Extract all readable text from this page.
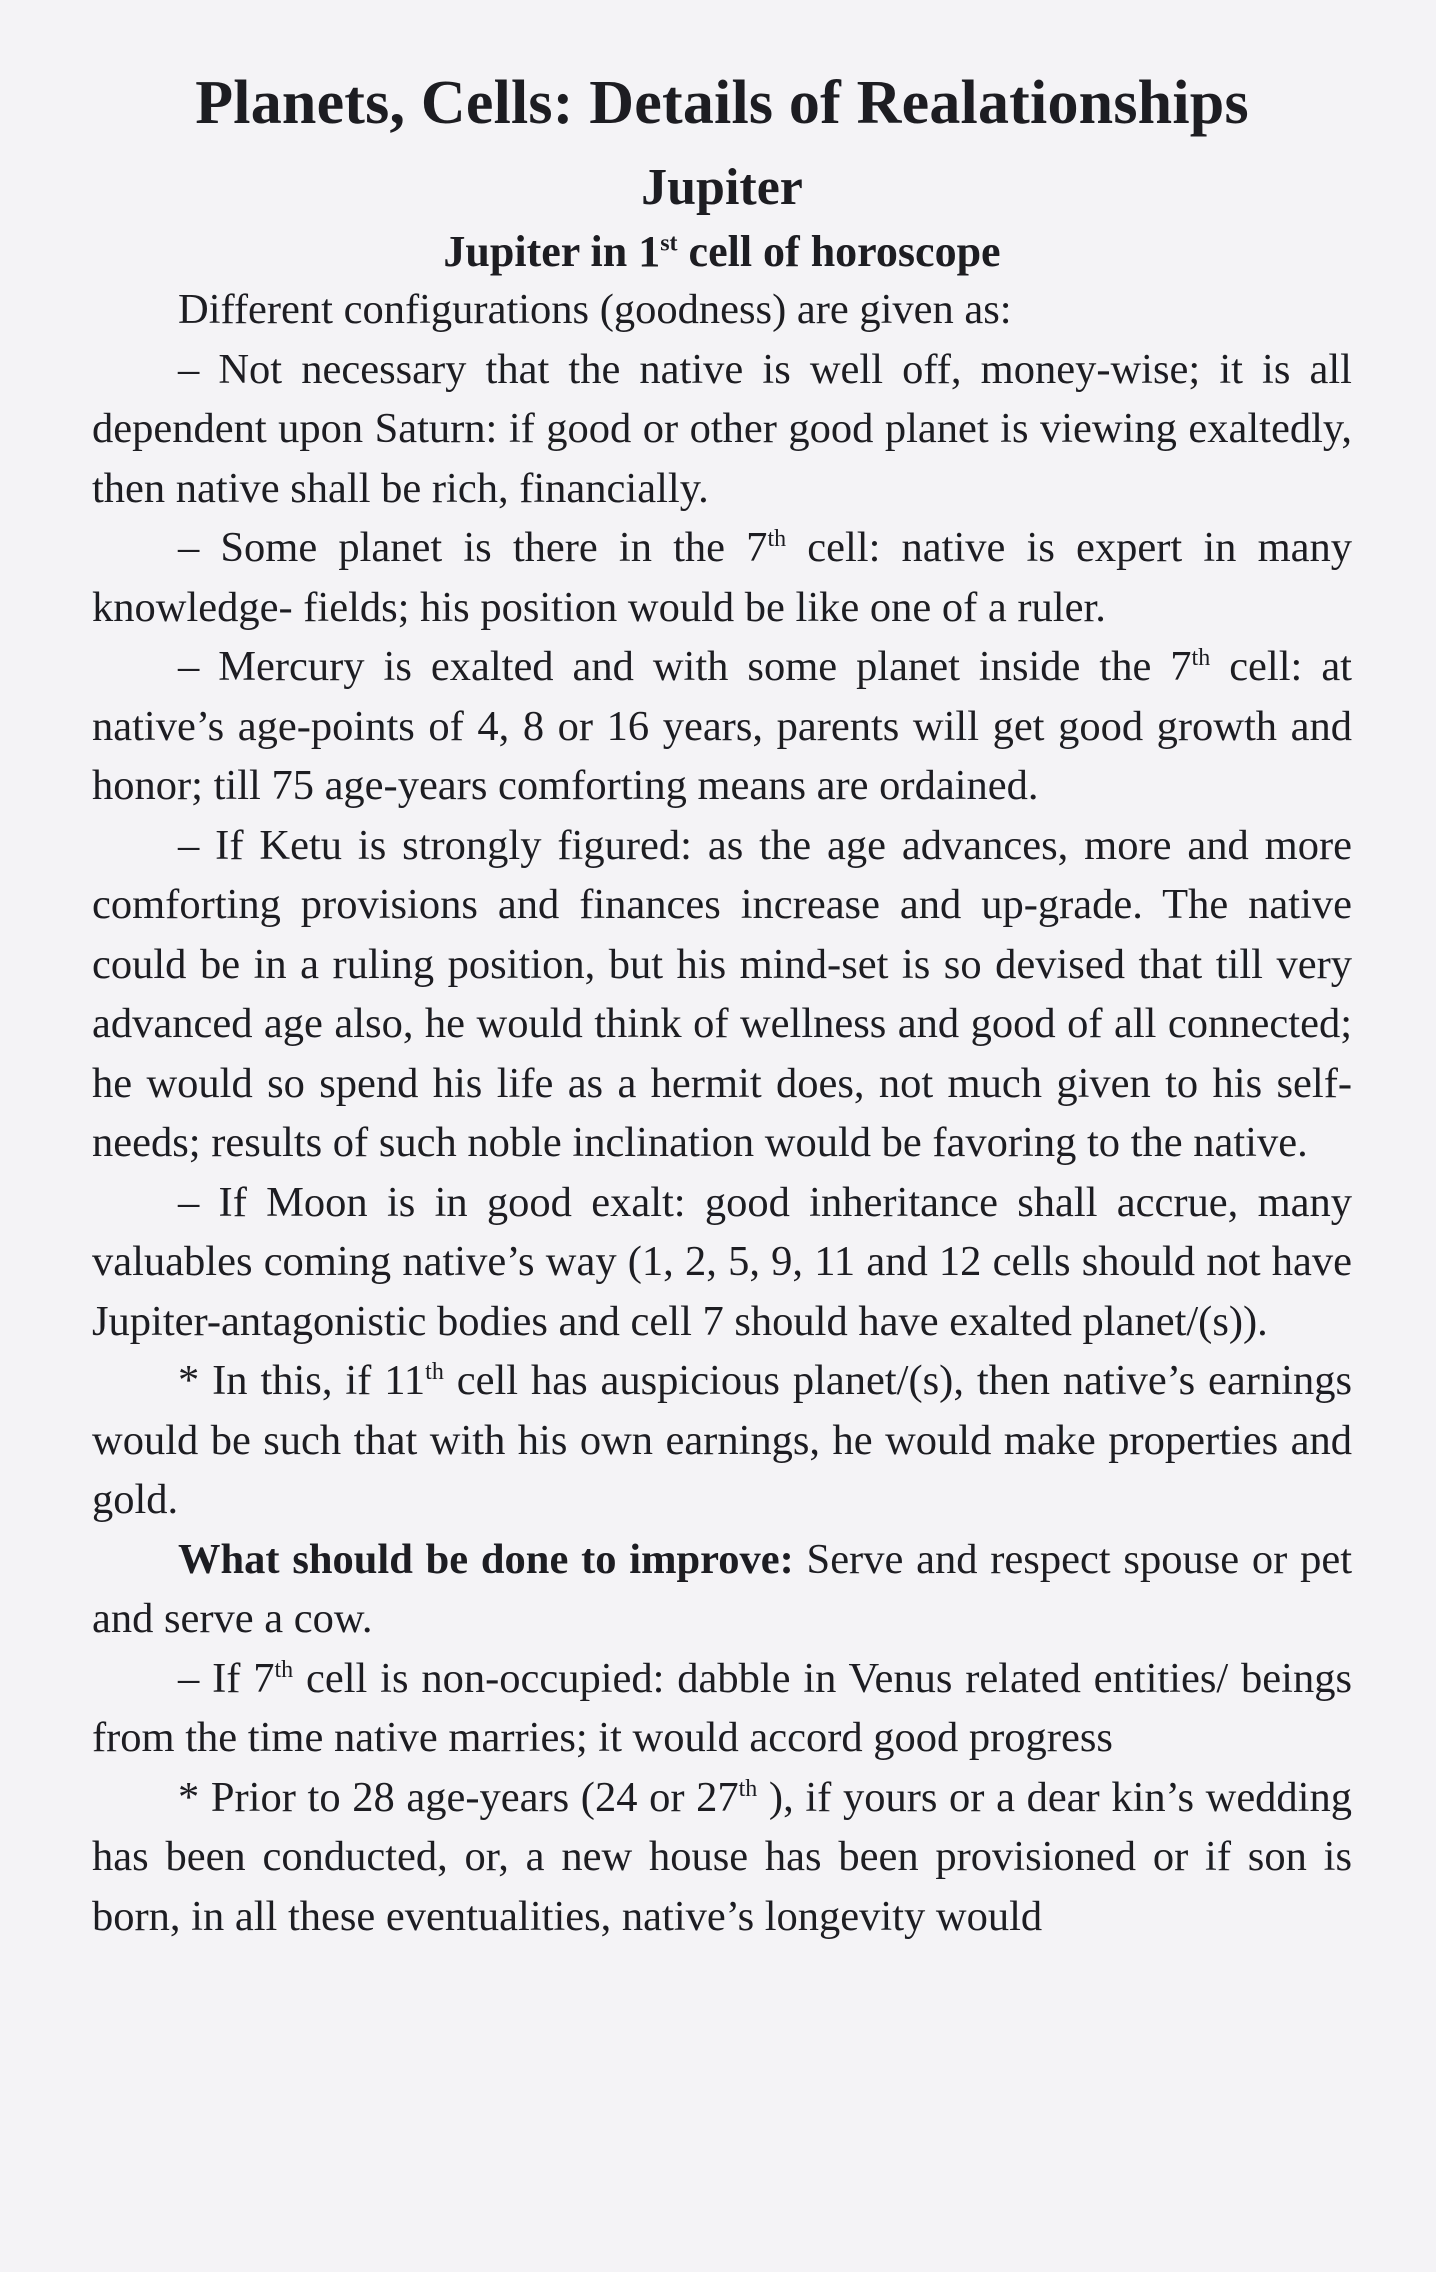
Planets, Cells: Details of Realationships
Jupiter
Jupiter in 1st cell of horoscope

Different configurations (goodness) are given as:

– Not necessary that the native is well off, money-wise; it is all dependent upon Saturn: if good or other good planet is viewing exaltedly, then native shall be rich, financially.

– Some planet is there in the 7th cell: native is expert in many knowledge- fields; his position would be like one of a ruler.

– Mercury is exalted and with some planet inside the 7th cell: at native’s age-points of 4, 8 or 16 years, parents will get good growth and honor; till 75 age-years comforting means are ordained.

– If Ketu is strongly figured: as the age advances, more and more comforting provisions and finances increase and up-grade. The native could be in a ruling position, but his mind-set is so devised that till very advanced age also, he would think of wellness and good of all connected; he would so spend his life as a hermit does, not much given to his self-needs; results of such noble inclination would be favoring to the native.

– If Moon is in good exalt: good inheritance shall accrue, many valuables coming native’s way (1, 2, 5, 9, 11 and 12 cells should not have Jupiter-antagonistic bodies and cell 7 should have exalted planet/(s)).

* In this, if 11th cell has auspicious planet/(s), then native’s earnings would be such that with his own earnings, he would make properties and gold.

What should be done to improve: Serve and respect spouse or pet and serve a cow.

– If 7th cell is non-occupied: dabble in Venus related entities/ beings from the time native marries; it would accord good progress

* Prior to 28 age-years (24 or 27th ), if yours or a dear kin’s wedding has been conducted, or, a new house has been provisioned or if son is born, in all these eventualities, native’s longevity would
